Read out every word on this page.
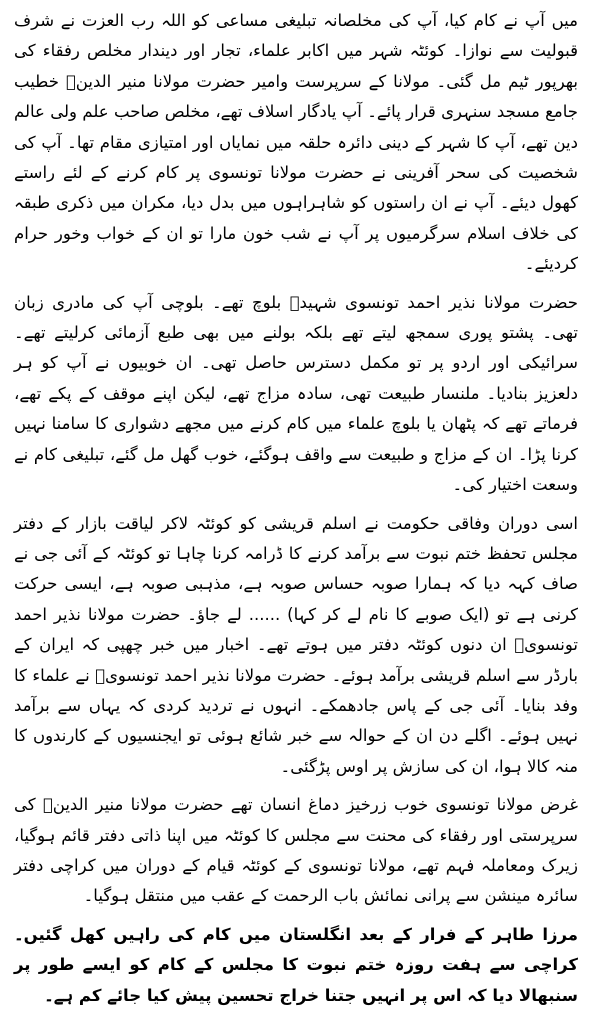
میں آپ نے کام کیا، آپ کی مخلصانہ تبلیغی مساعی کو اللہ رب العزت نے شرف قبولیت سے نوازا۔ کوئٹہ شہر میں اکابر علماء، تجار اور دیندار مخلص رفقاء کی بھرپور ٹیم مل گئی۔ مولانا کے سرپرست وامیر حضرت مولانا منیر الدینؒ خطیب جامع مسجد سنہری قرار پائے۔ آپ یادگار اسلاف تھے، مخلص صاحب علم ولی عالم دین تھے، آپ کا شہر کے دینی دائرہ حلقہ میں نمایاں اور امتیازی مقام تھا۔ آپ کی شخصیت کی سحر آفرینی نے حضرت مولانا تونسوی پر کام کرنے کے لئے راستے کھول دیئے۔ آپ نے ان راستوں کو شاہراہوں میں بدل دیا، مکران میں ذکری طبقہ کی خلاف اسلام سرگرمیوں پر آپ نے شب خون مارا تو ان کے خواب وخور حرام کردیئے۔

حضرت مولانا نذیر احمد تونسوی شہیدؒ بلوچ تھے۔ بلوچی آپ کی مادری زبان تھی۔ پشتو پوری سمجھ لیتے تھے بلکہ بولنے میں بھی طبع آزمائی کرلیتے تھے۔ سرائیکی اور اردو پر تو مکمل دسترس حاصل تھی۔ ان خوبیوں نے آپ کو ہر دلعزیز بنادیا۔ ملنسار طبیعت تھی، سادہ مزاج تھے، لیکن اپنے موقف کے پکے تھے، فرماتے تھے کہ پٹھان یا بلوچ علماء میں کام کرنے میں مجھے دشواری کا سامنا نہیں کرنا پڑا۔ ان کے مزاج و طبیعت سے واقف ہوگئے، خوب گھل مل گئے، تبلیغی کام نے وسعت اختیار کی۔

اسی دوران وفاقی حکومت نے اسلم قریشی کو کوئٹہ لاکر لیاقت بازار کے دفتر مجلس تحفظ ختم نبوت سے برآمد کرنے کا ڈرامہ کرنا چاہا تو کوئٹہ کے آئی جی نے صاف کہہ دیا کہ ہمارا صوبہ حساس صوبہ ہے، مذہبی صوبہ ہے، ایسی حرکت کرنی ہے تو (ایک صوبے کا نام لے کر کہا) ...... لے جاؤ۔ حضرت مولانا نذیر احمد تونسویؒ ان دنوں کوئٹہ دفتر میں ہوتے تھے۔ اخبار میں خبر چھپی کہ ایران کے بارڈر سے اسلم قریشی برآمد ہوئے۔ حضرت مولانا نذیر احمد تونسویؒ نے علماء کا وفد بنایا۔ آئی جی کے پاس جادھمکے۔ انہوں نے تردید کردی کہ یہاں سے برآمد نہیں ہوئے۔ اگلے دن ان کے حوالہ سے خبر شائع ہوئی تو ایجنسیوں کے کارندوں کا منہ کالا ہوا، ان کی سازش پر اوس پڑگئی۔

غرض مولانا تونسوی خوب زرخیز دماغ انسان تھے حضرت مولانا منیر الدینؒ کی سرپرستی اور رفقاء کی محنت سے مجلس کا کوئٹہ میں اپنا ذاتی دفتر قائم ہوگیا، زیرک ومعاملہ فہم تھے، مولانا تونسوی کے کوئٹہ قیام کے دوران میں کراچی دفتر سائرہ مینشن سے پرانی نمائش باب الرحمت کے عقب میں منتقل ہوگیا۔

مرزا طاہر کے فرار کے بعد انگلستان میں کام کی راہیں کھل گئیں۔ کراچی سے ہفت روزہ ختم نبوت کا مجلس کے کام کو ایسے طور پر سنبھالا دیا کہ اس پر انہیں جتنا خراج تحسین پیش کیا جائے کم ہے۔
